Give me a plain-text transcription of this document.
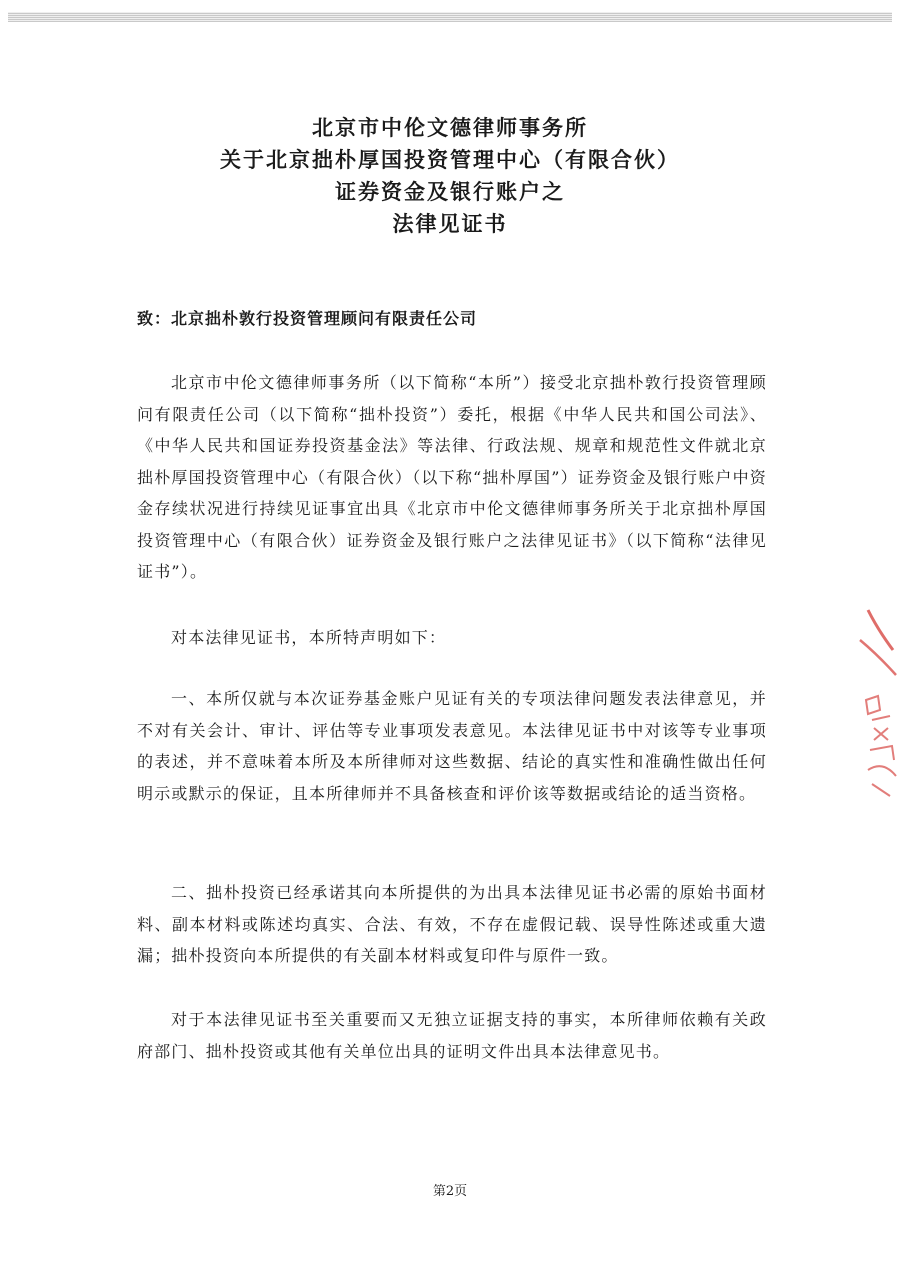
北京市中伦文德律师事务所
关于北京拙朴厚国投资管理中心（有限合伙）
证券资金及银行账户之
法律见证书
致：北京拙朴敦行投资管理顾问有限责任公司

北京市中伦文德律师事务所（以下简称“本所”）接受北京拙朴敦行投资管理顾问有限责任公司（以下简称“拙朴投资”）委托，根据《中华人民共和国公司法》、《中华人民共和国证券投资基金法》等法律、行政法规、规章和规范性文件就北京拙朴厚国投资管理中心（有限合伙）（以下称“拙朴厚国”）证券资金及银行账户中资金存续状况进行持续见证事宜出具《北京市中伦文德律师事务所关于北京拙朴厚国投资管理中心（有限合伙）证券资金及银行账户之法律见证书》（以下简称“法律见证书”）。

对本法律见证书，本所特声明如下：

一、本所仅就与本次证券基金账户见证有关的专项法律问题发表法律意见，并不对有关会计、审计、评估等专业事项发表意见。本法律见证书中对该等专业事项的表述，并不意味着本所及本所律师对这些数据、结论的真实性和准确性做出任何明示或默示的保证，且本所律师并不具备核查和评价该等数据或结论的适当资格。

二、拙朴投资已经承诺其向本所提供的为出具本法律见证书必需的原始书面材料、副本材料或陈述均真实、合法、有效，不存在虚假记载、误导性陈述或重大遗漏；拙朴投资向本所提供的有关副本材料或复印件与原件一致。

对于本法律见证书至关重要而又无独立证据支持的事实，本所律师依赖有关政府部门、拙朴投资或其他有关单位出具的证明文件出具本法律意见书。

第2页
